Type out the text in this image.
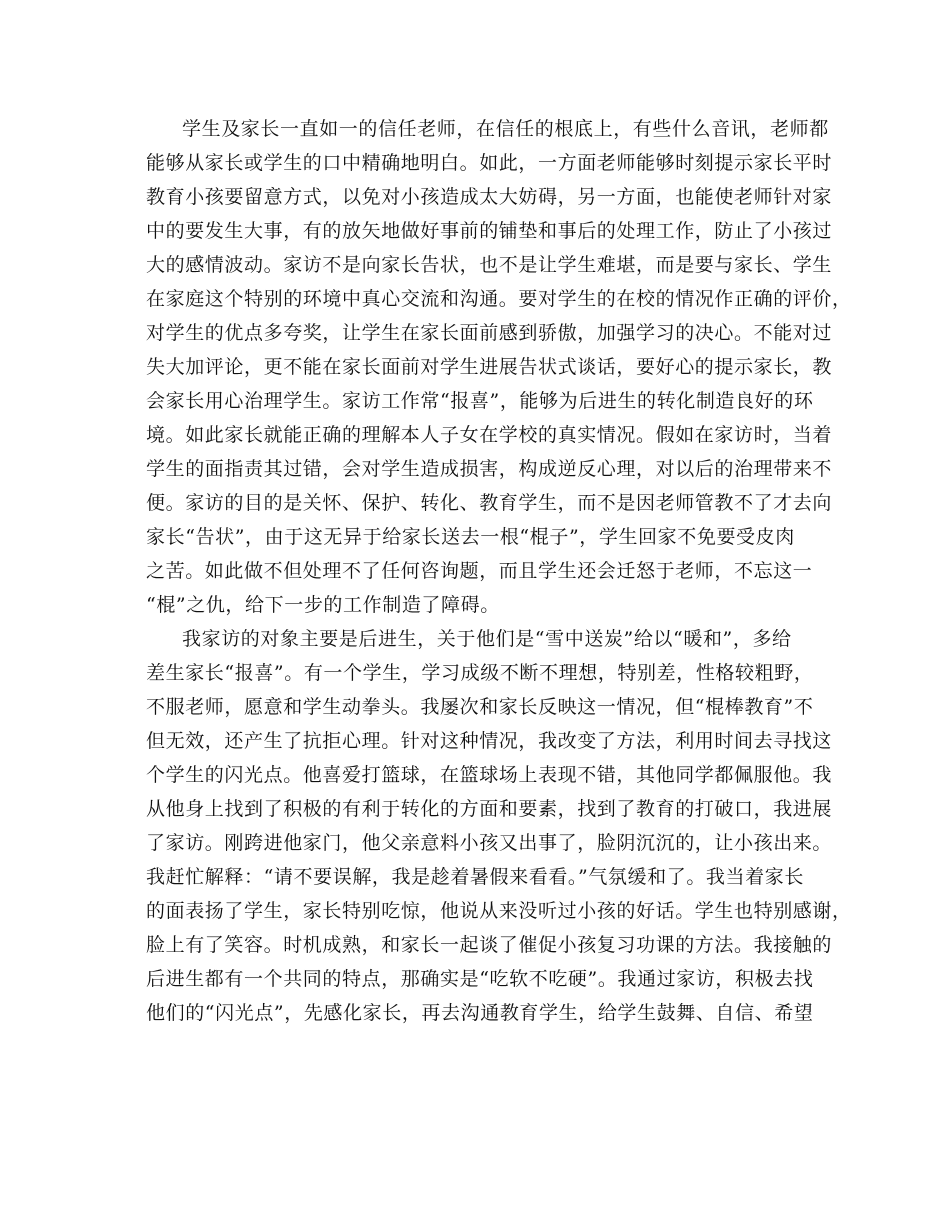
学生及家长一直如一的信任老师，在信任的根底上，有些什么音讯，老师都
能够从家长或学生的口中精确地明白。如此，一方面老师能够时刻提示家长平时
教育小孩要留意方式，以免对小孩造成太大妨碍，另一方面，也能使老师针对家
中的要发生大事，有的放矢地做好事前的铺垫和事后的处理工作，防止了小孩过
大的感情波动。家访不是向家长告状，也不是让学生难堪，而是要与家长、学生
在家庭这个特别的环境中真心交流和沟通。要对学生的在校的情况作正确的评价，
对学生的优点多夸奖，让学生在家长面前感到骄傲，加强学习的决心。不能对过
失大加评论，更不能在家长面前对学生进展告状式谈话，要好心的提示家长，教
会家长用心治理学生。家访工作常“报喜”，能够为后进生的转化制造良好的环
境。如此家长就能正确的理解本人子女在学校的真实情况。假如在家访时，当着
学生的面指责其过错，会对学生造成损害，构成逆反心理，对以后的治理带来不
便。家访的目的是关怀、保护、转化、教育学生，而不是因老师管教不了才去向
家长“告状”，由于这无异于给家长送去一根“棍子”，学生回家不免要受皮肉
之苦。如此做不但处理不了任何咨询题，而且学生还会迁怒于老师，不忘这一
“棍”之仇，给下一步的工作制造了障碍。
我家访的对象主要是后进生，关于他们是“雪中送炭”给以“暖和”，多给
差生家长“报喜”。有一个学生，学习成级不断不理想，特别差，性格较粗野，
不服老师，愿意和学生动拳头。我屡次和家长反映这一情况，但“棍棒教育”不
但无效，还产生了抗拒心理。针对这种情况，我改变了方法，利用时间去寻找这
个学生的闪光点。他喜爱打篮球，在篮球场上表现不错，其他同学都佩服他。我
从他身上找到了积极的有利于转化的方面和要素，找到了教育的打破口，我进展
了家访。刚跨进他家门，他父亲意料小孩又出事了，脸阴沉沉的，让小孩出来。
我赶忙解释：“请不要误解，我是趁着暑假来看看。”气氛缓和了。我当着家长
的面表扬了学生，家长特别吃惊，他说从来没听过小孩的好话。学生也特别感谢，
脸上有了笑容。时机成熟，和家长一起谈了催促小孩复习功课的方法。我接触的
后进生都有一个共同的特点，那确实是“吃软不吃硬”。我通过家访，积极去找
他们的“闪光点”，先感化家长，再去沟通教育学生，给学生鼓舞、自信、希望
